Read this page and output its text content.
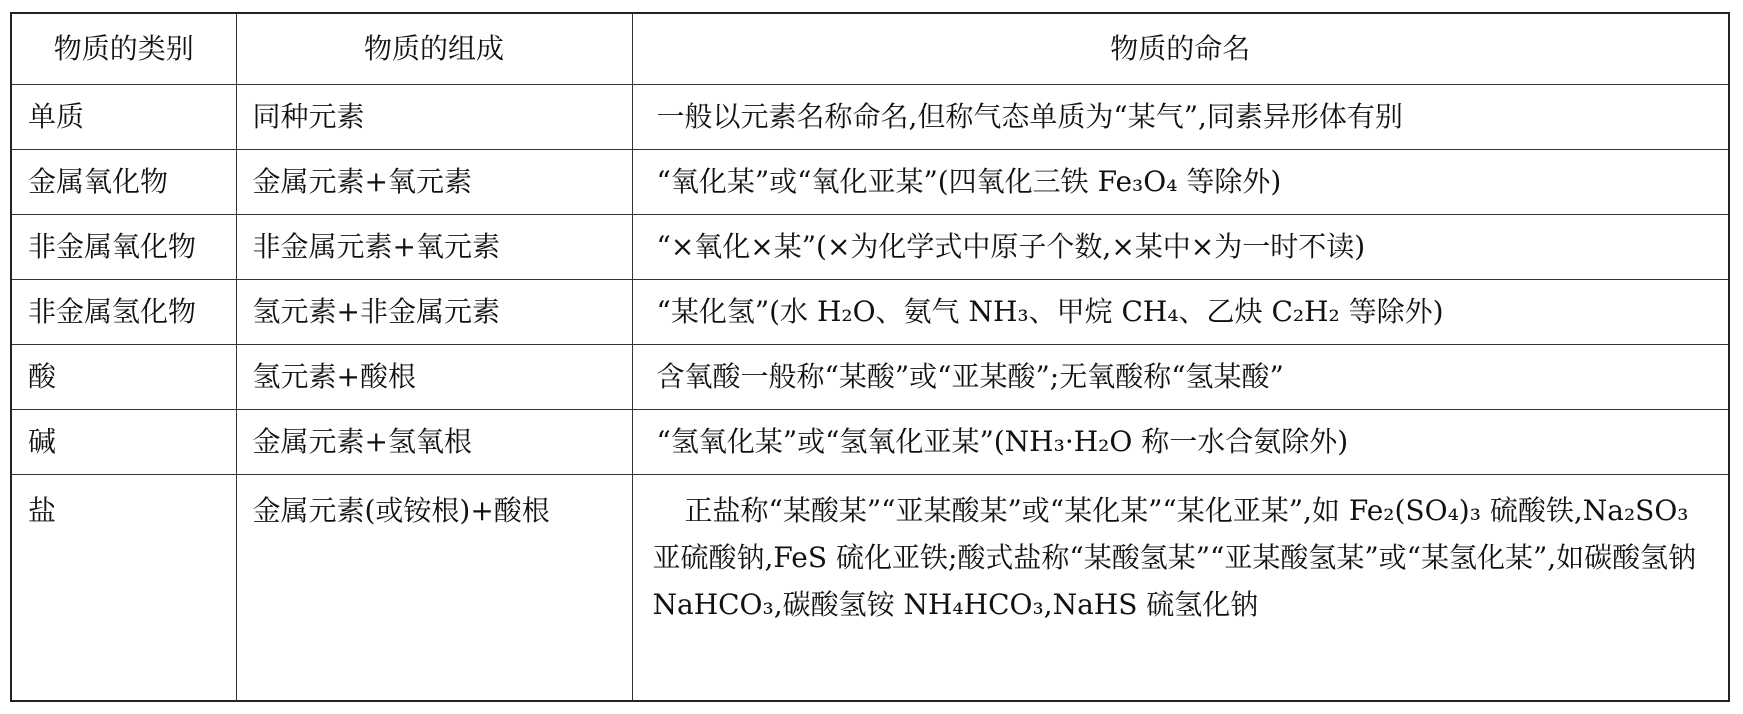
物质的类别	物质的组成	物质的命名
单质	同种元素	一般以元素名称命名,但称气态单质为“某气”,同素异形体有别
金属氧化物	金属元素+氧元素	“氧化某”或“氧化亚某”(四氧化三铁 Fe₃O₄ 等除外)
非金属氧化物	非金属元素+氧元素	“×氧化×某”(×为化学式中原子个数,×某中×为一时不读)
非金属氢化物	氢元素+非金属元素	“某化氢”(水 H₂O、氨气 NH₃、甲烷 CH₄、乙炔 C₂H₂ 等除外)
酸	氢元素+酸根	含氧酸一般称“某酸”或“亚某酸”;无氧酸称“氢某酸”
碱	金属元素+氢氧根	“氢氧化某”或“氢氧化亚某”(NH₃·H₂O 称一水合氨除外)
盐	金属元素(或铵根)+酸根	正盐称“某酸某”“亚某酸某”或“某化某”“某化亚某”,如 Fe₂(SO₄)₃ 硫酸铁,Na₂SO₃ 亚硫酸钠,FeS 硫化亚铁;酸式盐称“某酸氢某”“亚某酸氢某”或“某氢化某”,如碳酸氢钠 NaHCO₃,碳酸氢铵 NH₄HCO₃,NaHS 硫氢化钠
